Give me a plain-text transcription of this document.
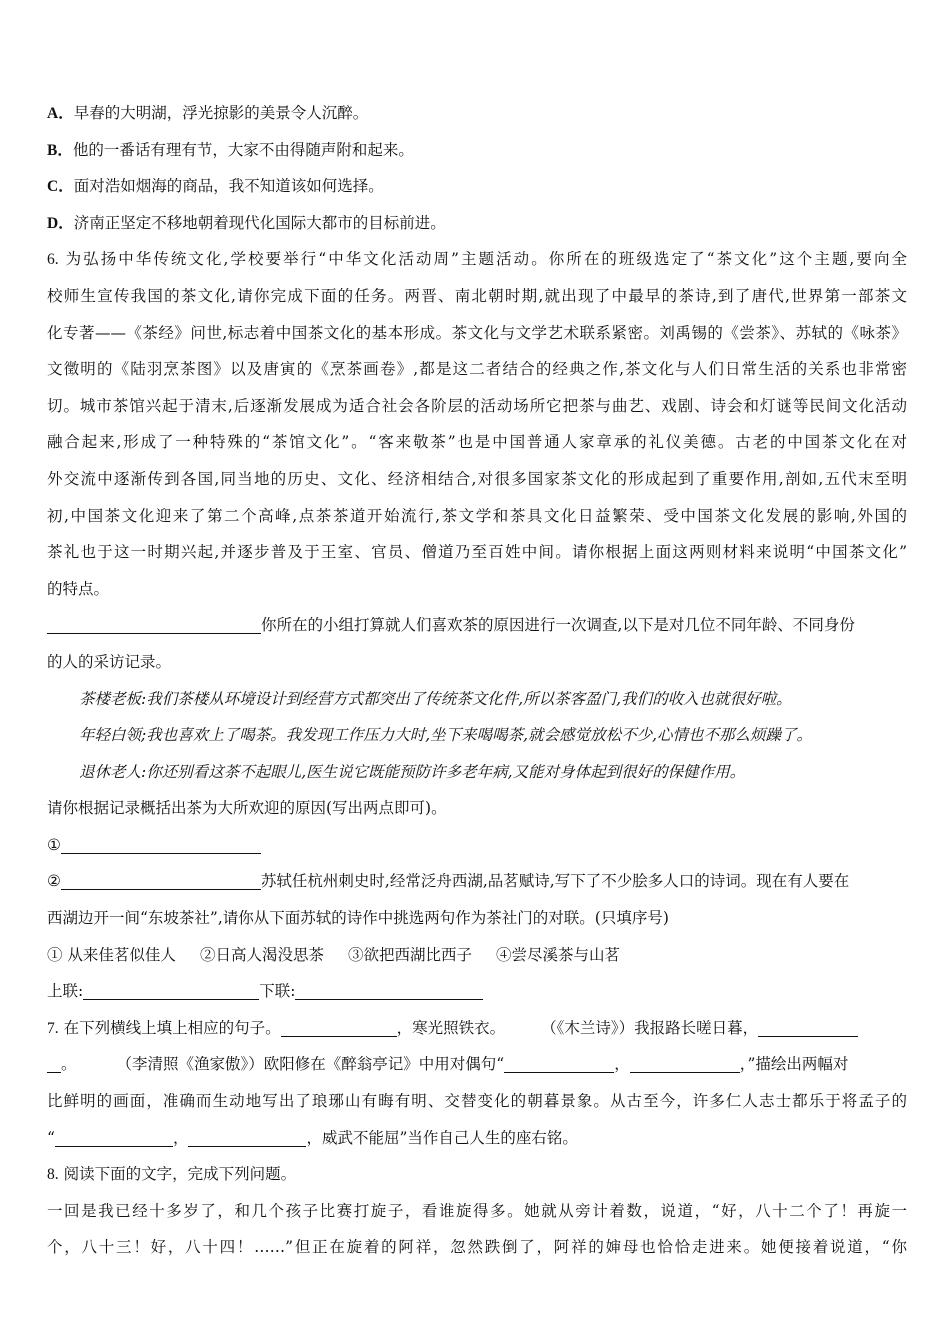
A．早春的大明湖，浮光掠影的美景令人沉醉。
B．他的一番话有理有节，大家不由得随声附和起来。
C．面对浩如烟海的商品，我不知道该如何选择。
D．济南正坚定不移地朝着现代化国际大都市的目标前进。
6. 为弘扬中华传统文化,学校要举行“中华文化活动周”主题活动。你所在的班级选定了“茶文化”这个主题,要向全
校师生宣传我国的茶文化,请你完成下面的任务。两晋、南北朝时期,就出现了中最早的茶诗,到了唐代,世界第一部茶文
化专著——《茶经》问世,标志着中国茶文化的基本形成。茶文化与文学艺术联系紧密。刘禹锡的《尝茶》、苏轼的《咏茶》
文徵明的《陆羽烹茶图》以及唐寅的《烹茶画卷》,都是这二者结合的经典之作,茶文化与人们日常生活的关系也非常密
切。城市茶馆兴起于清末,后逐渐发展成为适合社会各阶层的活动场所它把茶与曲艺、戏剧、诗会和灯谜等民间文化活动
融合起来,形成了一种特殊的“茶馆文化”。“客来敬茶”也是中国普通人家章承的礼仪美德。古老的中国茶文化在对
外交流中逐渐传到各国,同当地的历史、文化、经济相结合,对很多国家茶文化的形成起到了重要作用,剖如,五代末至明
初,中国茶文化迎来了第二个高峰,点茶茶道开始流行,茶文学和茶具文化日益繁荣、受中国茶文化发展的影响,外国的
茶礼也于这一时期兴起,并逐步普及于王室、官员、僧道乃至百姓中间。请你根据上面这两则材料来说明“中国茶文化”
的特点。
你所在的小组打算就人们喜欢茶的原因进行一次调查,以下是对几位不同年龄、不同身份
的人的采访记录。
茶楼老板:我们茶楼从环境设计到经营方式都突出了传统茶文化件,所以茶客盈门,我们的收入也就很好啦。
年轻白领;我也喜欢上了喝茶。我发现工作压力大时,坐下来喝喝茶,就会感觉放松不少,心情也不那么烦躁了。
退休老人:你还别看这茶不起眼儿,医生说它既能预防许多老年病,又能对身体起到很好的保健作用。
请你根据记录概括出茶为大所欢迎的原因(写出两点即可)。
①
②	苏轼任杭州刺史时,经常泛舟西湖,品茗赋诗,写下了不少脍多人口的诗词。现在有人要在
西湖边开一间“东坡茶社”,请你从下面苏轼的诗作中挑选两句作为茶社门的对联。(只填序号)
① 从来佳茗似佳人 ②日高人渴没思茶 ③欲把西湖比西子 ④尝尽溪茶与山茗
上联:	下联:
7. 在下列横线上填上相应的句子。	，寒光照铁衣。 （《木兰诗》）我报路长嗟日暮，
。	（李清照《渔家傲》）欧阳修在《醉翁亭记》中用对偶句“	，	，”描绘出两幅对
比鲜明的画面，准确而生动地写出了琅琊山有晦有明、交替变化的朝暮景象。从古至今，许多仁人志士都乐于将孟子的
“	，	，威武不能屈”当作自己人生的座右铭。
8. 阅读下面的文字，完成下列问题。
一回是我已经十多岁了，和几个孩子比赛打旋子，看谁旋得多。她就从旁计着数，说道，“好，八十二个了！再旋一
个，八十三！好，八十四！……”但正在旋着的阿祥，忽然跌倒了，阿祥的婶母也恰恰走进来。她便接着说道，“你
